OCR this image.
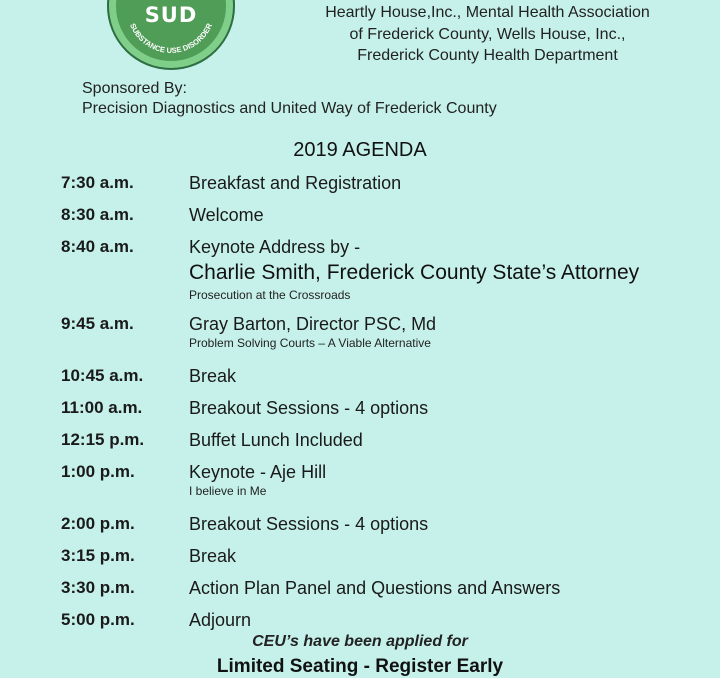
SUBSTANCE USE DISORDER
SUD	Heartly House,Inc., Mental Health Association
of Frederick County, Wells House, Inc.,
Frederick County Health Department
Sponsored By:
Precision Diagnostics and United Way of Frederick County
2019 AGENDA
7:30 a.m.	Breakfast and Registration
8:30 a.m.	Welcome
8:40 a.m.	Keynote Address by -
Charlie Smith, Frederick County State’s Attorney
Prosecution at the Crossroads
9:45 a.m.	Gray Barton, Director PSC, Md
Problem Solving Courts – A Viable Alternative
10:45 a.m.	Break
11:00 a.m.	Breakout Sessions - 4 options
12:15 p.m. Buffet Lunch Included
1:00 p.m.	Keynote - Aje Hill
I believe in Me
2:00 p.m.	Breakout Sessions - 4 options
3:15 p.m.	Break
3:30 p.m.	Action Plan Panel and Questions and Answers
5:00 p.m.	Adjourn
CEU’s have been applied for
Limited Seating - Register Early
